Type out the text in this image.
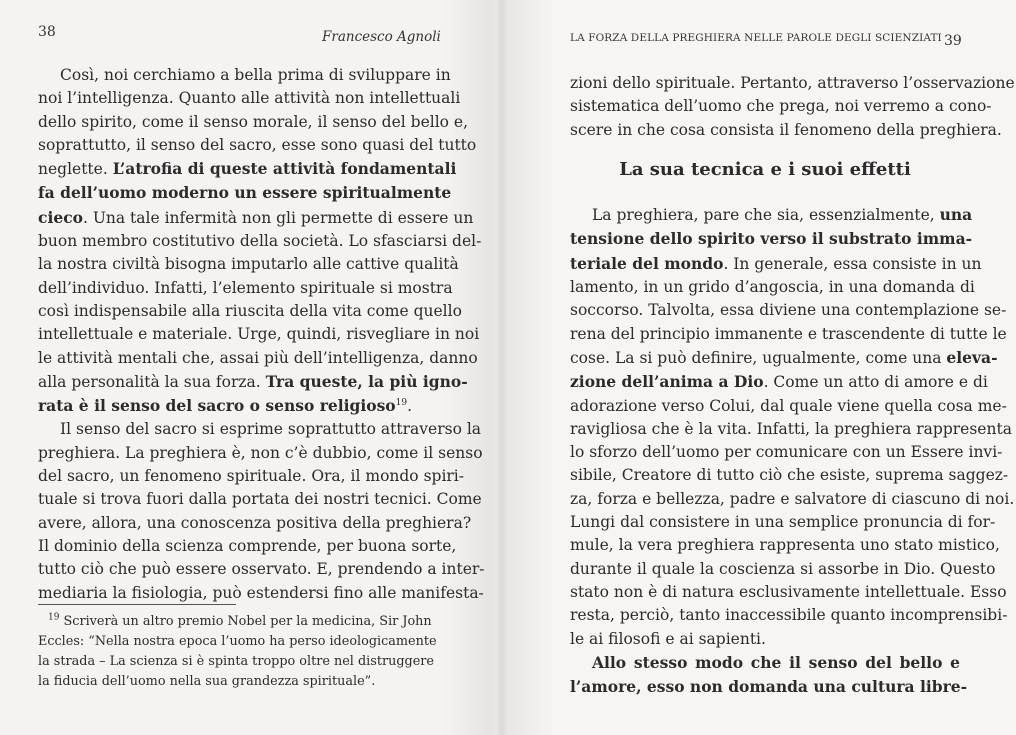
38	Francesco Agnoli
Così, noi cerchiamo a bella prima di sviluppare in
noi l’intelligenza. Quanto alle attività non intellettuali
dello spirito, come il senso morale, il senso del bello e,
soprattutto, il senso del sacro, esse sono quasi del tutto
neglette. L’atrofia di queste attività fondamentali
fa dell’uomo moderno un essere spiritualmente
cieco. Una tale infermità non gli permette di essere un
buon membro costitutivo della società. Lo sfasciarsi del-
la nostra civiltà bisogna imputarlo alle cattive qualità
dell’individuo. Infatti, l’elemento spirituale si mostra
così indispensabile alla riuscita della vita come quello
intellettuale e materiale. Urge, quindi, risvegliare in noi
le attività mentali che, assai più dell’intelligenza, danno
alla personalità la sua forza. Tra queste, la più igno-
rata è il senso del sacro o senso religioso$^{19}$.
Il senso del sacro si esprime soprattutto attraverso la
preghiera. La preghiera è, non c’è dubbio, come il senso
del sacro, un fenomeno spirituale. Ora, il mondo spiri-
tuale si trova fuori dalla portata dei nostri tecnici. Come
avere, allora, una conoscenza positiva della preghiera?
Il dominio della scienza comprende, per buona sorte,
tutto ciò che può essere osservato. E, prendendo a inter-
mediaria la fisiologia, può estendersi fino alle manifesta-
$^{19}$ Scriverà un altro premio Nobel per la medicina, Sir John
Eccles: “Nella nostra epoca l’uomo ha perso ideologicamente
la strada – La scienza si è spinta troppo oltre nel distruggere
la fiducia dell’uomo nella sua grandezza spirituale”.
LA FORZA DELLA PREGHIERA NELLE PAROLE DEGLI SCIENZIATI 39
zioni dello spirituale. Pertanto, attraverso l’osservazione
sistematica dell’uomo che prega, noi verremo a cono-
scere in che cosa consista il fenomeno della preghiera.
La sua tecnica e i suoi effetti
La preghiera, pare che sia, essenzialmente, una
tensione dello spirito verso il substrato imma-
teriale del mondo. In generale, essa consiste in un
lamento, in un grido d’angoscia, in una domanda di
soccorso. Talvolta, essa diviene una contemplazione se-
rena del principio immanente e trascendente di tutte le
cose. La si può definire, ugualmente, come una eleva-
zione dell’anima a Dio. Come un atto di amore e di
adorazione verso Colui, dal quale viene quella cosa me-
ravigliosa che è la vita. Infatti, la preghiera rappresenta
lo sforzo dell’uomo per comunicare con un Essere invi-
sibile, Creatore di tutto ciò che esiste, suprema saggez-
za, forza e bellezza, padre e salvatore di ciascuno di noi.
Lungi dal consistere in una semplice pronuncia di for-
mule, la vera preghiera rappresenta uno stato mistico,
durante il quale la coscienza si assorbe in Dio. Questo
stato non è di natura esclusivamente intellettuale. Esso
resta, perciò, tanto inaccessibile quanto incomprensibi-
le ai filosofi e ai sapienti.
Allo stesso modo che il senso del bello e
l’amore, esso non domanda una cultura libre-
